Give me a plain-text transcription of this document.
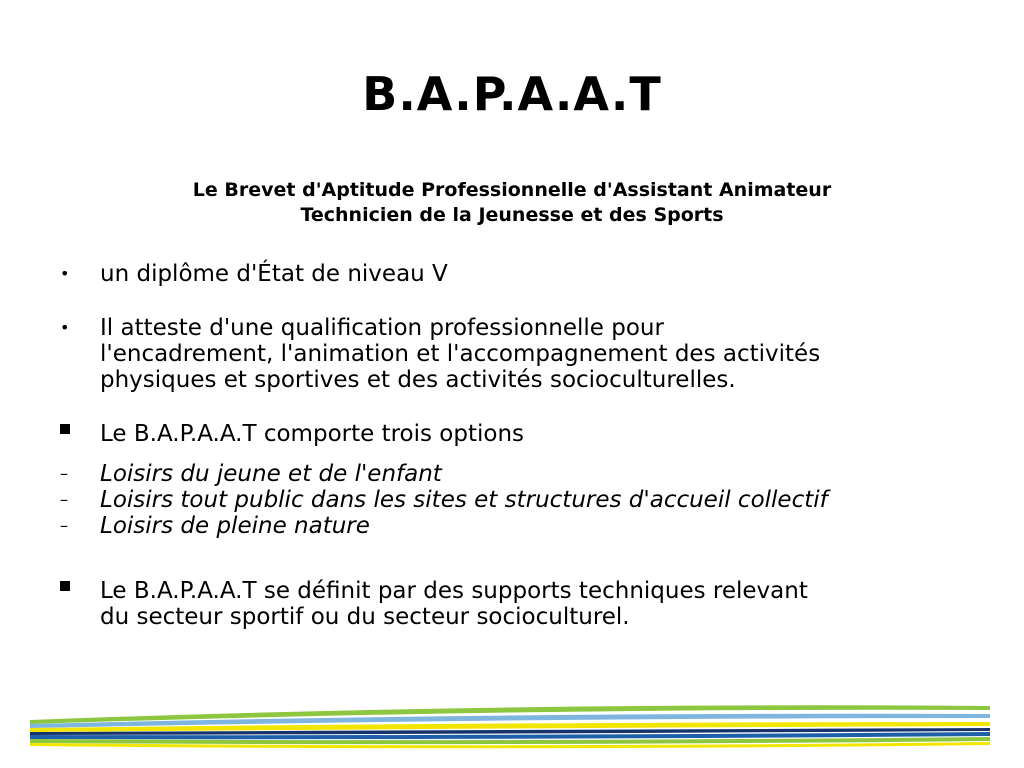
B.A.P.A.A.T
Le Brevet d'Aptitude Professionnelle d'Assistant Animateur
Technicien de la Jeunesse et des Sports
• un diplôme d'État de niveau V
• Il atteste d'une qualification professionnelle pour
l'encadrement, l'animation et l'accompagnement des activités
physiques et sportives et des activités socioculturelles.
Le B.A.P.A.A.T comporte trois options
– Loisirs du jeune et de l'enfant
– Loisirs tout public dans les sites et structures d'accueil collectif
– Loisirs de pleine nature
Le B.A.P.A.A.T se définit par des supports techniques relevant
du secteur sportif ou du secteur socioculturel.
